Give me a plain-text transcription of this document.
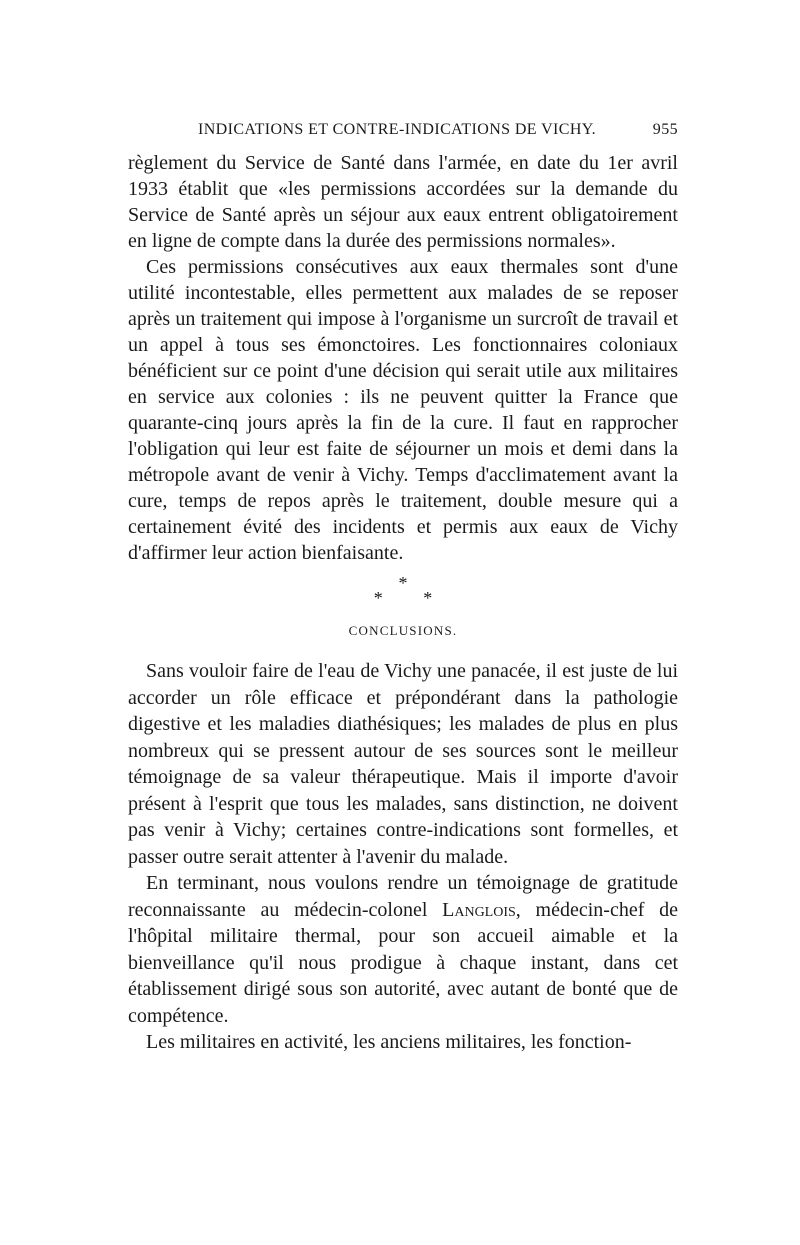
INDICATIONS ET CONTRE-INDICATIONS DE VICHY.	955

règlement du Service de Santé dans l'armée, en date du 1er avril 1933 établit que «les permissions accordées sur la demande du Service de Santé après un séjour aux eaux entrent obligatoirement en ligne de compte dans la durée des permissions normales».

Ces permissions consécutives aux eaux thermales sont d'une utilité incontestable, elles permettent aux malades de se reposer après un traitement qui impose à l'organisme un surcroît de travail et un appel à tous ses émonctoires. Les fonctionnaires coloniaux bénéficient sur ce point d'une décision qui serait utile aux militaires en service aux colonies : ils ne peuvent quitter la France que quarante-cinq jours après la fin de la cure. Il faut en rapprocher l'obligation qui leur est faite de séjourner un mois et demi dans la métropole avant de venir à Vichy. Temps d'acclimatement avant la cure, temps de repos après le traitement, double mesure qui a certainement évité des incidents et permis aux eaux de Vichy d'affirmer leur action bienfaisante.

*
* *
CONCLUSIONS.

Sans vouloir faire de l'eau de Vichy une panacée, il est juste de lui accorder un rôle efficace et prépondérant dans la pathologie digestive et les maladies diathésiques; les malades de plus en plus nombreux qui se pressent autour de ses sources sont le meilleur témoignage de sa valeur thérapeutique. Mais il importe d'avoir présent à l'esprit que tous les malades, sans distinction, ne doivent pas venir à Vichy; certaines contre-indications sont formelles, et passer outre serait attenter à l'avenir du malade.

En terminant, nous voulons rendre un témoignage de gratitude reconnaissante au médecin-colonel Langlois, médecin-chef de l'hôpital militaire thermal, pour son accueil aimable et la bienveillance qu'il nous prodigue à chaque instant, dans cet établissement dirigé sous son autorité, avec autant de bonté que de compétence.

Les militaires en activité, les anciens militaires, les fonction-
